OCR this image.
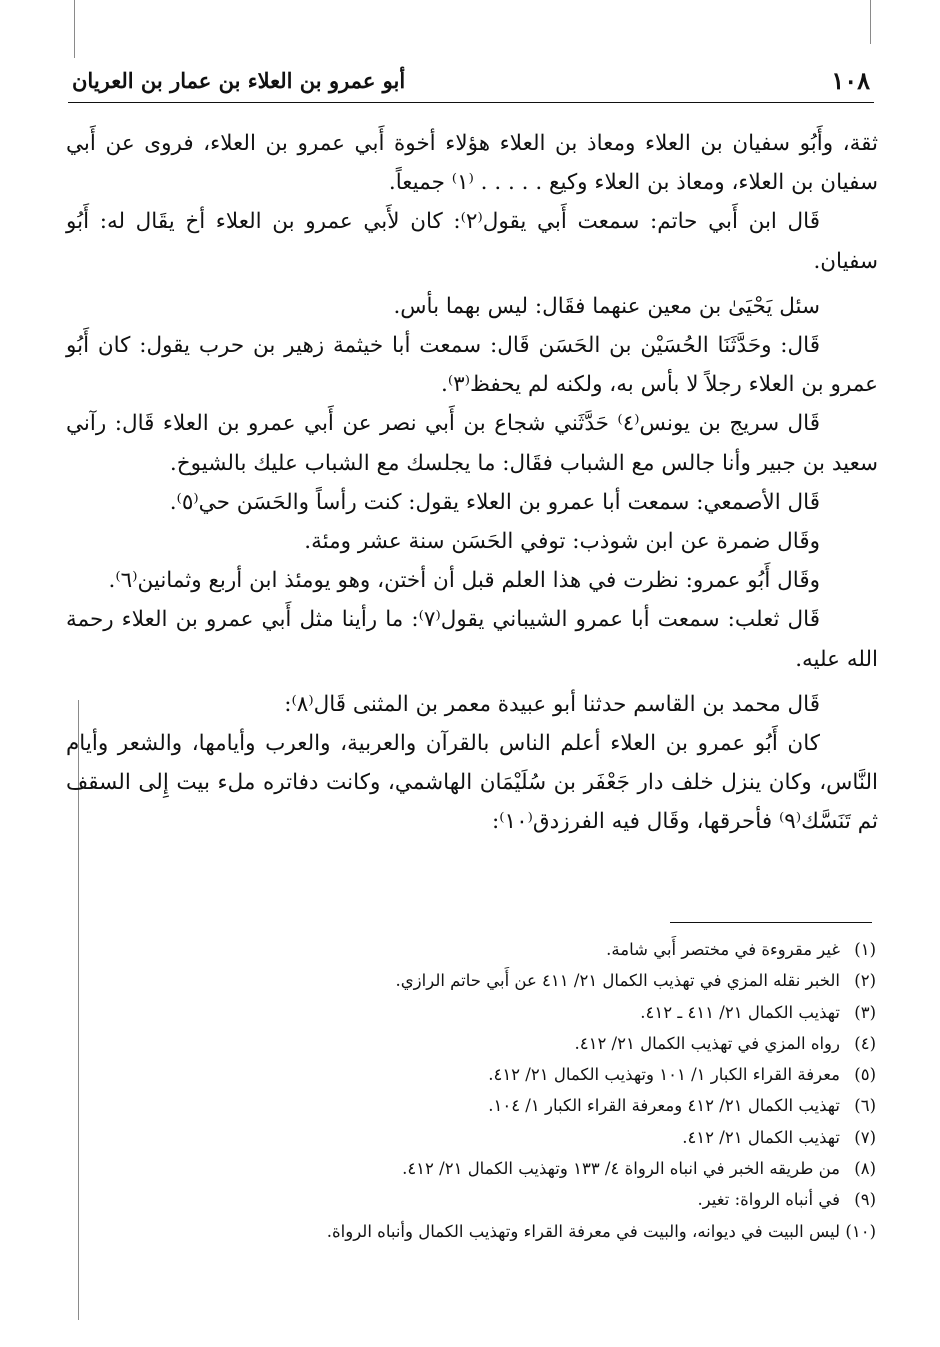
١٠٨
أبو عمرو بن العلاء بن عمار بن العريان

ثقة، وأَبُو سفيان بن العلاء ومعاذ بن العلاء هؤلاء أخوة أَبي عمرو بن العلاء، فروى عن أَبي سفيان بن العلاء، ومعاذ بن العلاء وكيع . . . . . ⁽١⁾ جميعاً.

قَال ابن أَبي حاتم: سمعت أَبي يقول⁽٢⁾: كان لأَبي عمرو بن العلاء أخ يقَال له: أَبُو سفيان.

سئل يَحْيَىٰ بن معين عنهما فقَال: ليس بهما بأس.

قَال: وحَدَّثَنَا الحُسَيْن بن الحَسَن قَال: سمعت أبا خيثمة زهير بن حرب يقول: كان أَبُو عمرو بن العلاء رجلاً لا بأس به، ولكنه لم يحفظ⁽٣⁾.

قَال سريج بن يونس⁽٤⁾ حَدَّثَني شجاع بن أَبي نصر عن أَبي عمرو بن العلاء قَال: رآني سعيد بن جبير وأنا جالس مع الشباب فقَال: ما يجلسك مع الشباب عليك بالشيوخ.

قَال الأصمعي: سمعت أبا عمرو بن العلاء يقول: كنت رأساً والحَسَن حي⁽٥⁾.

وقَال ضمرة عن ابن شوذب: توفي الحَسَن سنة عشر ومئة.

وقَال أَبُو عمرو: نظرت في هذا العلم قبل أن أختن، وهو يومئذ ابن أربع وثمانين⁽٦⁾.

قَال ثعلب: سمعت أبا عمرو الشيباني يقول⁽٧⁾: ما رأينا مثل أَبي عمرو بن العلاء رحمة الله عليه.

قَال محمد بن القاسم حدثنا أبو عبيدة معمر بن المثنى قَال⁽٨⁾:

كان أَبُو عمرو بن العلاء أعلم الناس بالقرآن والعربية، والعرب وأيامها، والشعر وأيام النَّاس، وكان ينزل خلف دار جَعْفَر بن سُلَيْمَان الهاشمي، وكانت دفاتره ملء بيت إِلى السقف ثم تَنَسَّك⁽٩⁾ فأحرقها، وقَال فيه الفرزدق⁽١٠⁾:

(١)
غير مقروءة في مختصر أَبي شامة.
(٢)
الخبر نقله المزي في تهذيب الكمال ٢١/ ٤١١ عن أَبي حاتم الرازي.
(٣)
تهذيب الكمال ٢١/ ٤١١ ـ ٤١٢.
(٤)
رواه المزي في تهذيب الكمال ٢١/ ٤١٢.
(٥)
معرفة القراء الكبار ١/ ١٠١ وتهذيب الكمال ٢١/ ٤١٢.
(٦)
تهذيب الكمال ٢١/ ٤١٢ ومعرفة القراء الكبار ١/ ١٠٤.
(٧)
تهذيب الكمال ٢١/ ٤١٢.
(٨)
من طريقه الخبر في انباه الرواة ٤/ ١٣٣ وتهذيب الكمال ٢١/ ٤١٢.
(٩)
في أنباه الرواة: تغير.
(١٠)
ليس البيت في ديوانه، والبيت في معرفة القراء وتهذيب الكمال وأنباه الرواة.
